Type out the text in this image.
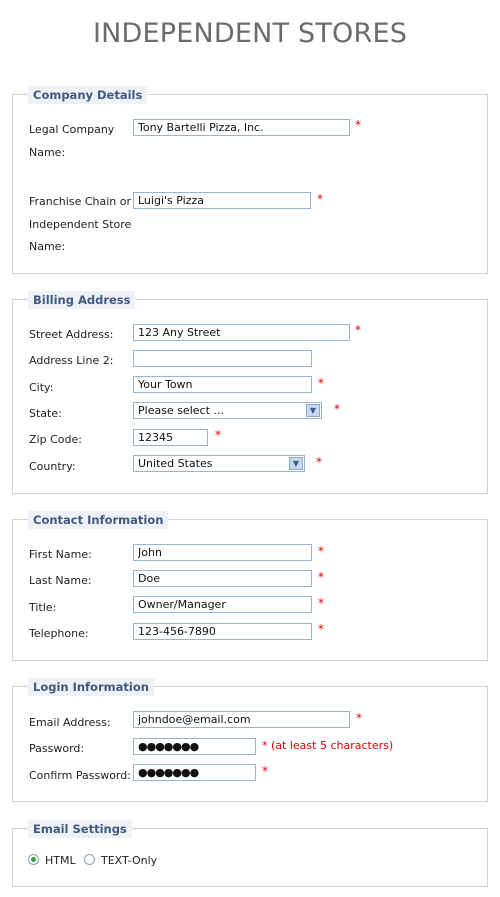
INDEPENDENT STORES
Company Details
Legal Company
Name:
Tony Bartelli Pizza, Inc.
*
Franchise Chain or
Independent Store
Name:
Luigi's Pizza
*
Billing Address
Street Address:
123 Any Street	*
Address Line 2:
City:
Your Town	*
State:	Please select ...	▼	*
Zip Code:
12345	*
Country:	United States	▼	*
Contact Information
First Name:
John	*
Last Name:
Doe	*
Title:
Owner/Manager	*
Telephone:
123-456-7890	*
Login Information
Email Address:
johndoe@email.com	*
Password:
●●●●●●●	* (at least 5 characters)
Confirm Password:
●●●●●●●	*
Email Settings
HTML TEXT-Only
